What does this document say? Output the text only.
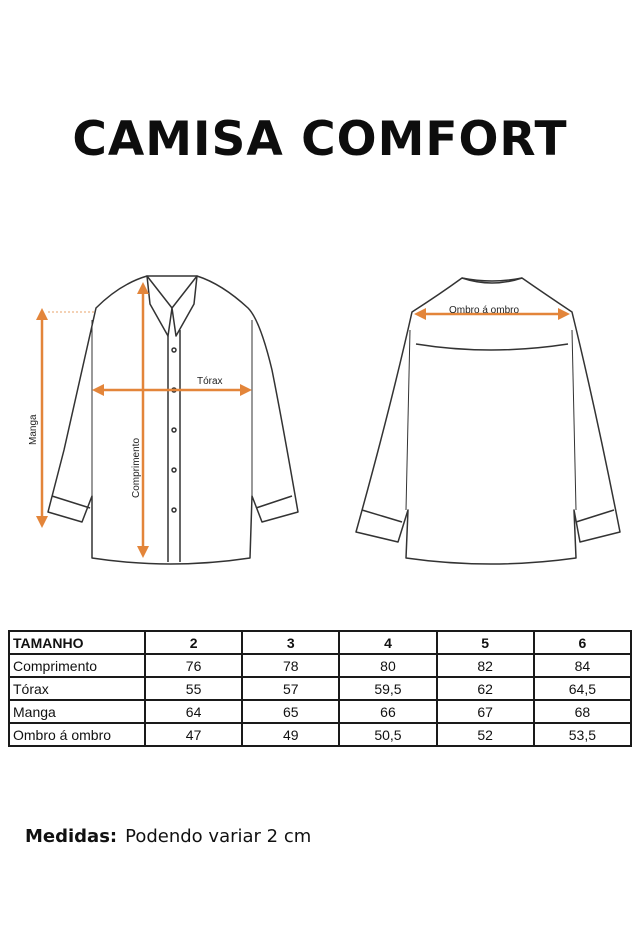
CAMISA COMFORT
Manga
Comprimento
Tórax
Ombro á ombro
TAMANHO	2	3	4	5	6
Comprimento	76	78	80	82	84
Tórax	55	57	59,5	62	64,5
Manga	64	65	66	67	68
Ombro á ombro	47	49	50,5	52	53,5
Medidas: Podendo variar 2 cm
